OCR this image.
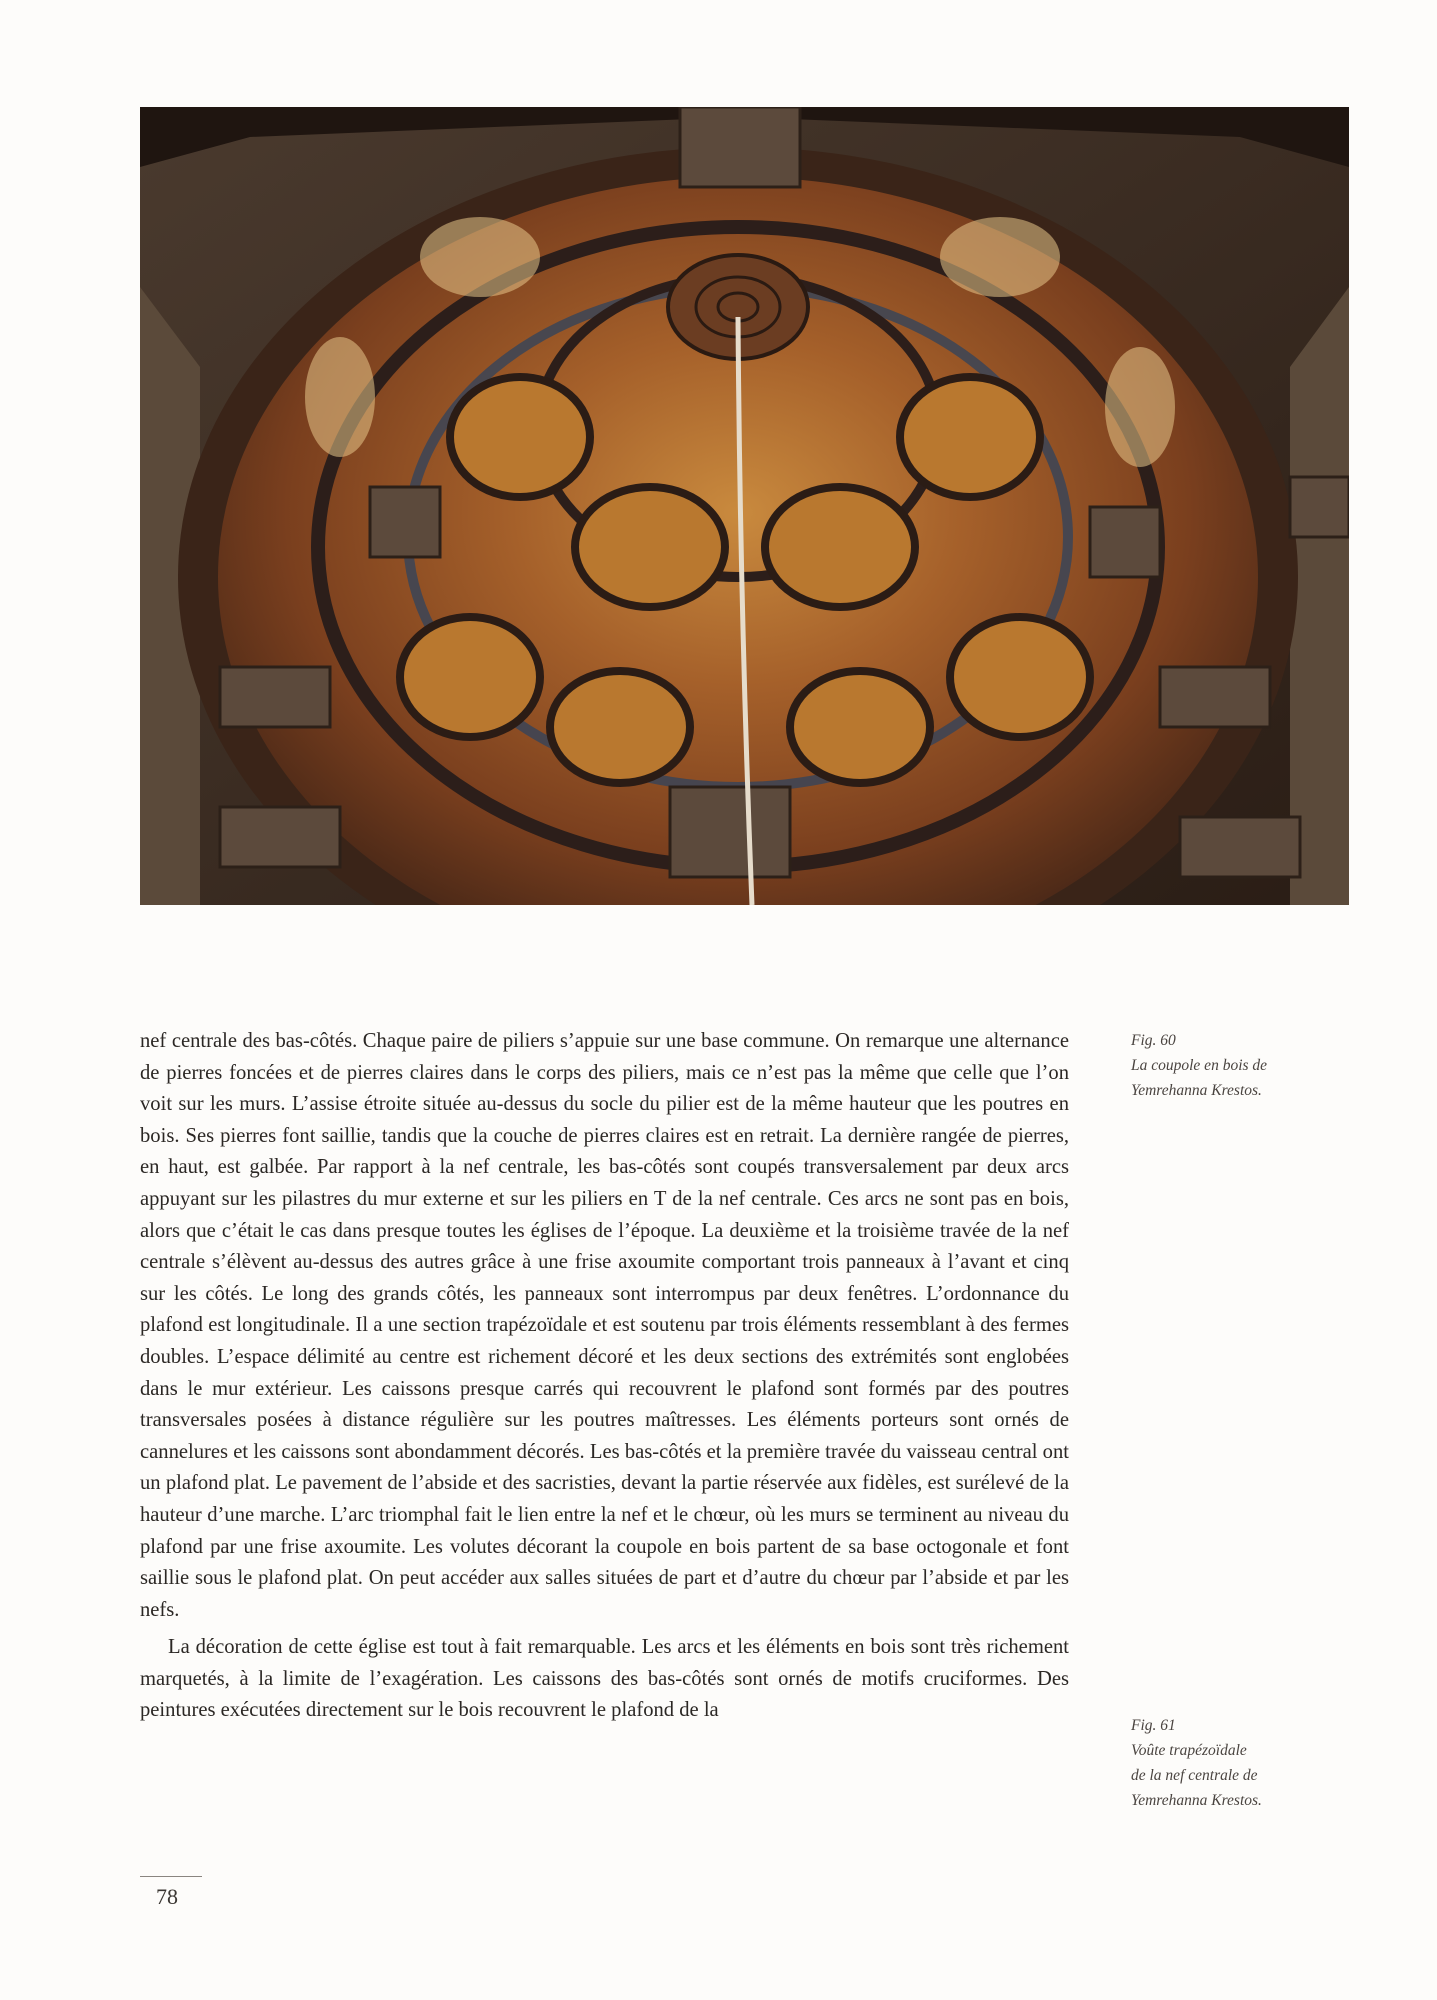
nef centrale des bas-côtés. Chaque paire de piliers s’appuie sur une base commune. On remarque une alternance de pierres foncées et de pierres claires dans le corps des piliers, mais ce n’est pas la même que celle que l’on voit sur les murs. L’assise étroite située au-dessus du socle du pilier est de la même hauteur que les poutres en bois. Ses pierres font saillie, tandis que la couche de pierres claires est en retrait. La dernière rangée de pierres, en haut, est galbée. Par rapport à la nef centrale, les bas-côtés sont coupés transversalement par deux arcs appuyant sur les pilastres du mur externe et sur les piliers en T de la nef centrale. Ces arcs ne sont pas en bois, alors que c’était le cas dans presque toutes les églises de l’époque. La deuxième et la troisième travée de la nef centrale s’élèvent au-dessus des autres grâce à une frise axoumite comportant trois panneaux à l’avant et cinq sur les côtés. Le long des grands côtés, les panneaux sont interrompus par deux fenêtres. L’ordonnance du plafond est longitudinale. Il a une section trapézoïdale et est soutenu par trois éléments ressemblant à des fermes doubles. L’espace délimité au centre est richement décoré et les deux sections des extrémités sont englobées dans le mur extérieur. Les caissons presque carrés qui recouvrent le plafond sont formés par des poutres transversales posées à distance régulière sur les poutres maîtresses. Les éléments porteurs sont ornés de cannelures et les caissons sont abondamment décorés. Les bas-côtés et la première travée du vaisseau central ont un plafond plat. Le pavement de l’abside et des sacristies, devant la partie réservée aux fidèles, est surélevé de la hauteur d’une marche. L’arc triomphal fait le lien entre la nef et le chœur, où les murs se terminent au niveau du plafond par une frise axoumite. Les volutes décorant la coupole en bois partent de sa base octogonale et font saillie sous le plafond plat. On peut accéder aux salles situées de part et d’autre du chœur par l’abside et par les nefs.

La décoration de cette église est tout à fait remarquable. Les arcs et les éléments en bois sont très richement marquetés, à la limite de l’exagération. Les caissons des bas-côtés sont ornés de motifs cruciformes. Des peintures exécutées directement sur le bois recouvrent le plafond de la

Fig. 60
La coupole en bois de
Yemrehanna Krestos.
Fig. 61
Voûte trapézoïdale
de la nef centrale de
Yemrehanna Krestos.
78
